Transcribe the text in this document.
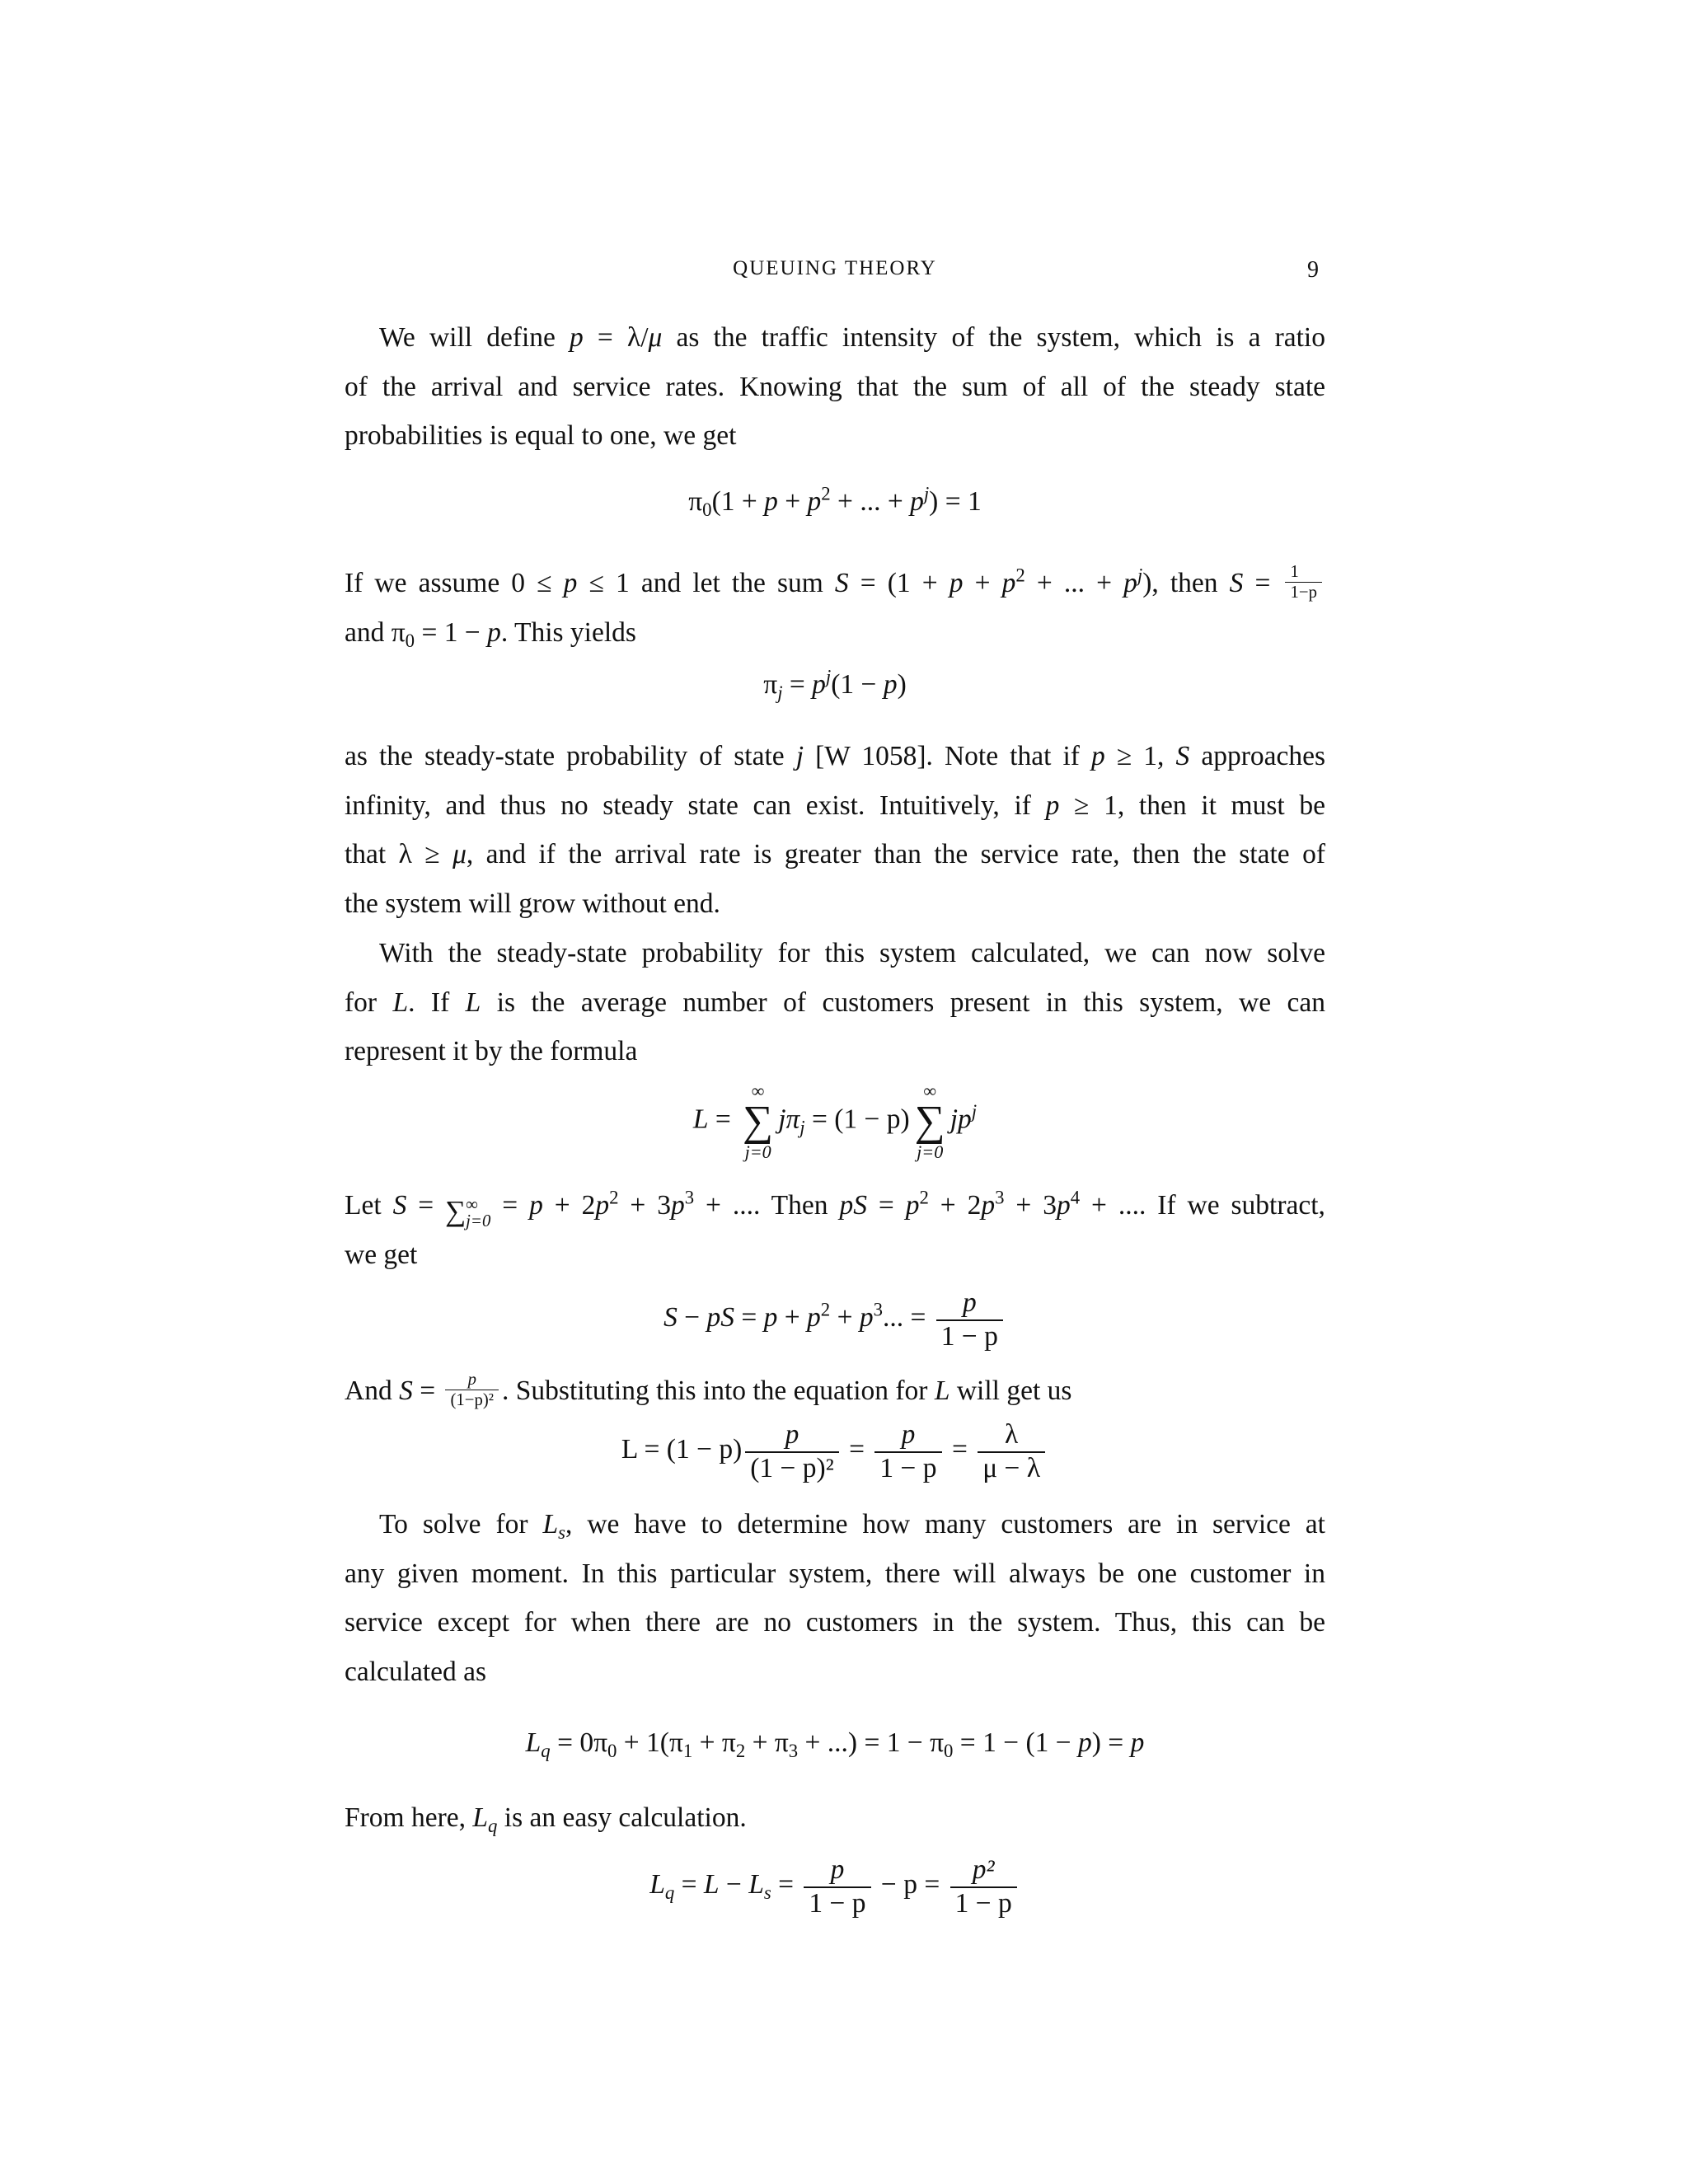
QUEUING THEORY	9
We will define p = λ/μ as the traffic intensity of the system, which is a ratio
of the arrival and service rates. Knowing that the sum of all of the steady state
probabilities is equal to one, we get
$\pi_0(1 + p + p^2$ + ... + $p^j) = 1$
If we assume 0 ≤ p ≤ 1 and let the sum $S = (1 + p + p^2$ + ... + $p^j$), then $S = \frac{1}{1-p}$
and $\pi_0 = 1 - p$. This yields
$\pi_j = p^j(1 - p)$
as the steady-state probability of state j [W 1058]. Note that if p ≥ 1, S approaches
infinity, and thus no steady state can exist. Intuitively, if p ≥ 1, then it must be
that λ ≥ μ, and if the arrival rate is greater than the service rate, then the state of
the system will grow without end.
With the steady-state probability for this system calculated, we can now solve
for L. If L is the average number of customers present in this system, we can
represent it by the formula
L =
∞
∑
j=0
$j\pi_j = (1 - p)$
∞
∑
j=0
$jp^j$
Let S = ∑ ∞
$j=0 = p + 2p^2 + 3p^3$ + .... Then pS = $p^2 + 2p^3 + 3p^4$ + .... If we subtract,
we get
S − pS = $p + p^2 + p^3$... = $\frac{p}{1 - p}$
And $S = \frac{p}{\text{(1−p)²}}$ . Substituting this into the equation for L will get us
$L = (1 - p) \frac{p}{\text{(1 − p)²}} = \frac{p}{1 - p} = \frac{\lambda}{\mu - \lambda}$
To solve for $L_s$, we have to determine how many customers are in service at
any given moment. In this particular system, there will always be one customer in
service except for when there are no customers in the system. Thus, this can be
calculated as
$L_q = 0\pi_0 + 1(\pi_1 + \pi_2 + \pi_3$ + ...) = $1 - \pi_0 = 1 - (1 - p) = p$
From here, $L_q$ is an easy calculation.
$L_q = L - L_s = \frac{p}{1 - p} - p = \frac{\text{p²}}{1 - p}$
